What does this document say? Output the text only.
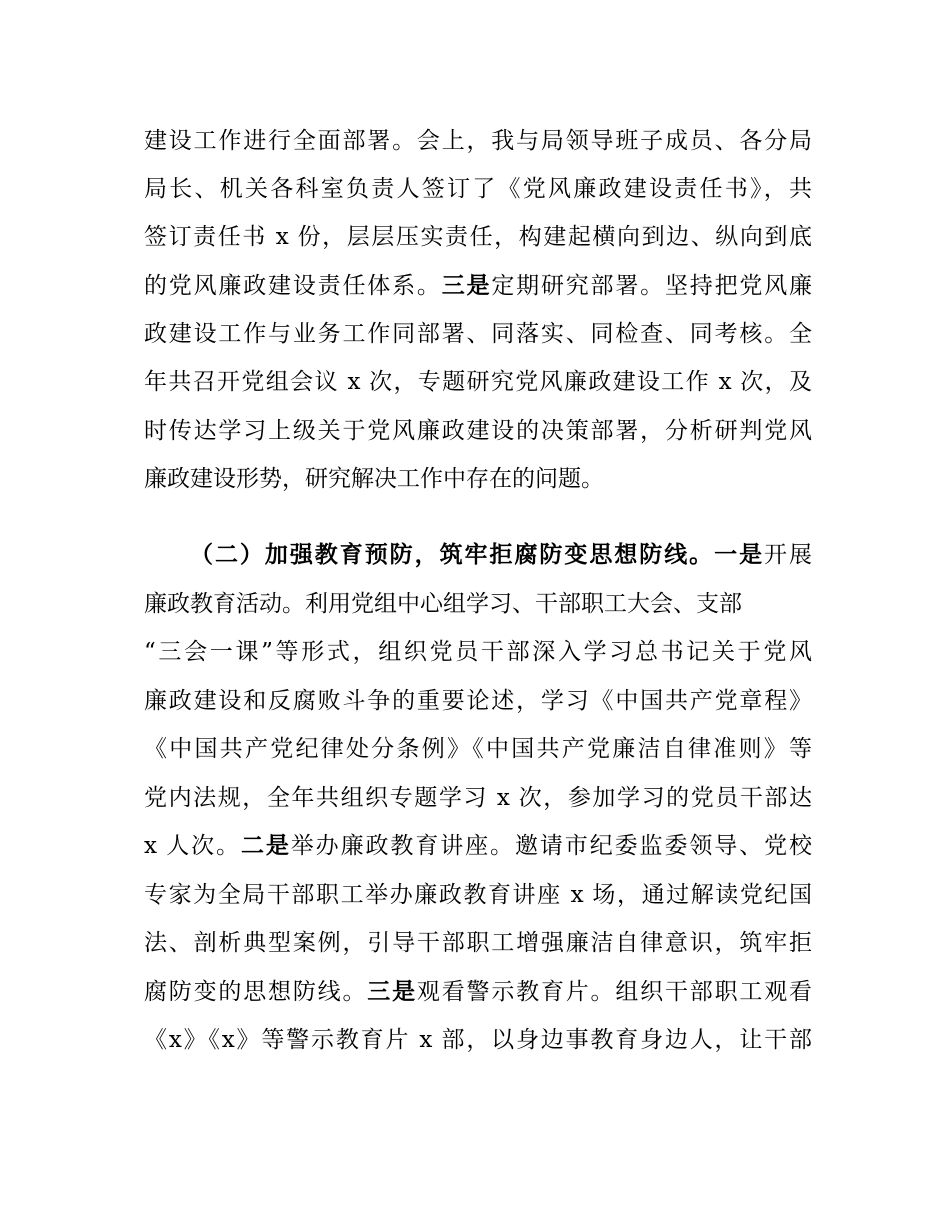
建设工作进行全面部署。会上，我与局领导班子成员、各分局
局长、机关各科室负责人签订了《党风廉政建设责任书》，共
签订责任书 x 份，层层压实责任，构建起横向到边、纵向到底
的党风廉政建设责任体系。三是定期研究部署。坚持把党风廉
政建设工作与业务工作同部署、同落实、同检查、同考核。全
年共召开党组会议 x 次，专题研究党风廉政建设工作 x 次，及
时传达学习上级关于党风廉政建设的决策部署，分析研判党风
廉政建设形势，研究解决工作中存在的问题。
（二）加强教育预防，筑牢拒腐防变思想防线。一是开展
廉政教育活动。利用党组中心组学习、干部职工大会、支部
“三会一课”等形式，组织党员干部深入学习总书记关于党风
廉政建设和反腐败斗争的重要论述，学习《中国共产党章程》
《中国共产党纪律处分条例》《中国共产党廉洁自律准则》等
党内法规，全年共组织专题学习 x 次，参加学习的党员干部达
x 人次。二是举办廉政教育讲座。邀请市纪委监委领导、党校
专家为全局干部职工举办廉政教育讲座 x 场，通过解读党纪国
法、剖析典型案例，引导干部职工增强廉洁自律意识，筑牢拒
腐防变的思想防线。三是观看警示教育片。组织干部职工观看
《x》《x》等警示教育片 x 部，以身边事教育身边人，让干部
